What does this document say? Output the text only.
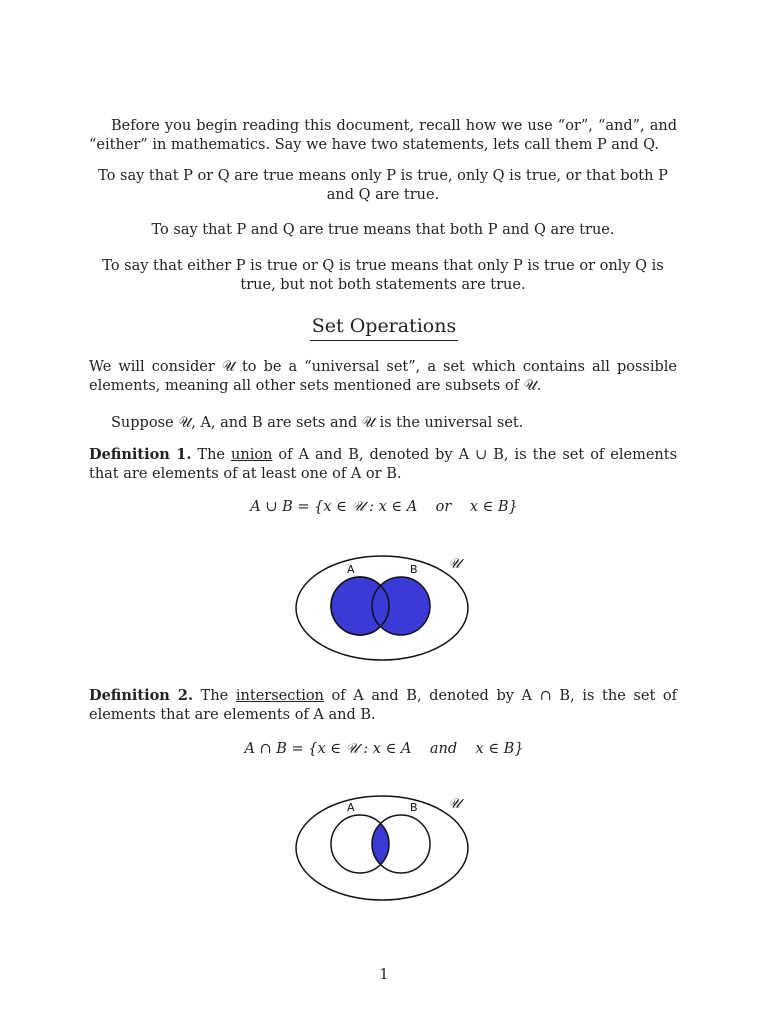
Before you begin reading this document, recall how we use “or”, “and”, and “either” in mathematics. Say we have two statements, lets call them P and Q.

To say that P or Q are true means only P is true, only Q is true, or that both P and Q are true.

To say that P and Q are true means that both P and Q are true.

To say that either P is true or Q is true means that only P is true or only Q is true, but not both statements are true.

Set Operations

We will consider 𝒰 to be a “universal set”, a set which contains all possible elements, meaning all other sets mentioned are subsets of 𝒰.

Suppose 𝒰, A, and B are sets and 𝒰 is the universal set.

Definition 1. The union of A and B, denoted by A ∪ B, is the set of elements that are elements of at least one of A or B.

A ∪ B = {x ∈ 𝒰 : x ∈ A    or    x ∈ B}
A	B 𝒰

Definition 2. The intersection of A and B, denoted by A ∩ B, is the set of elements that are elements of A and B.

A ∩ B = {x ∈ 𝒰 : x ∈ A    and    x ∈ B}
A	B 𝒰
1
